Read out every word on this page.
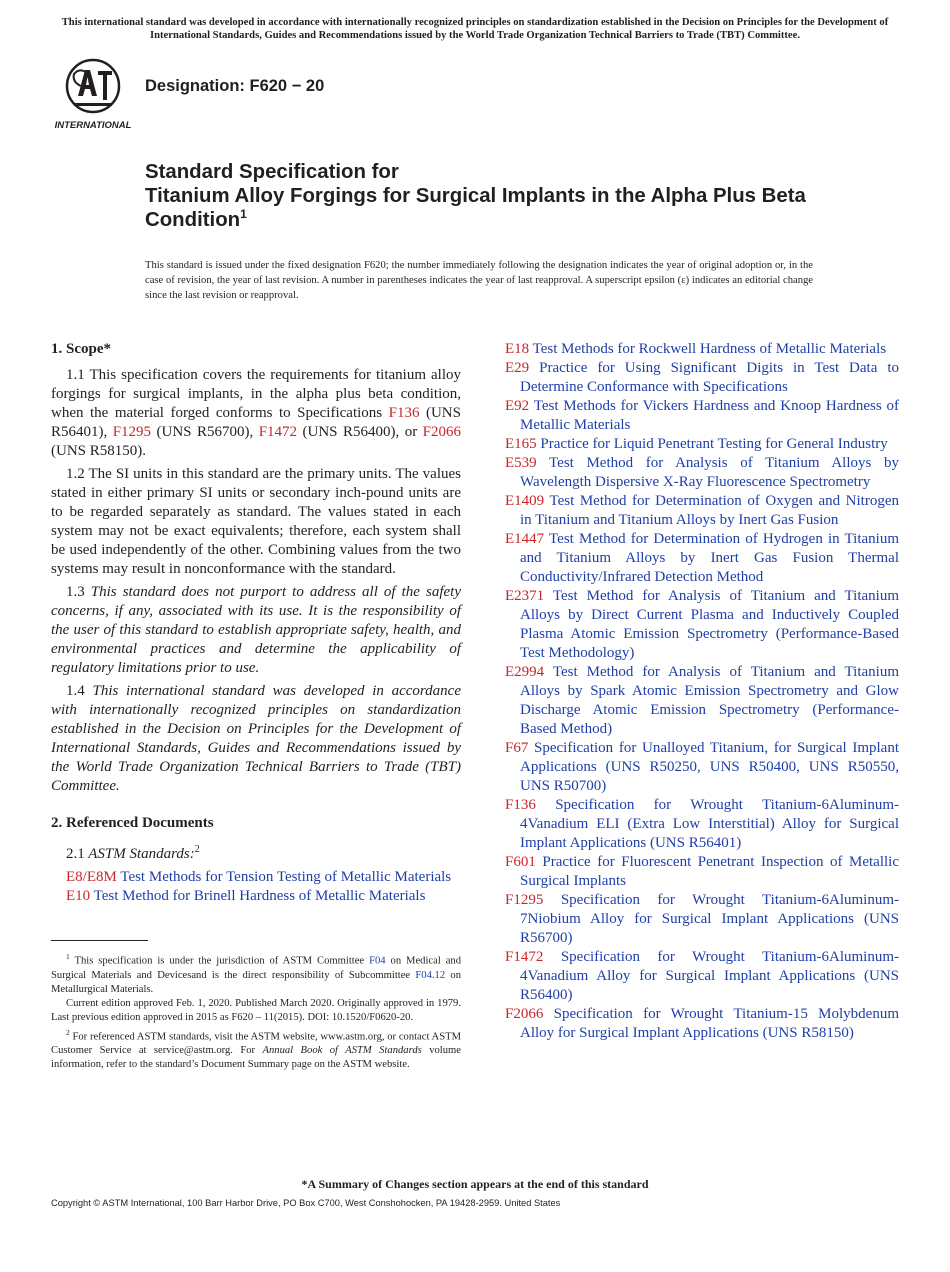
This international standard was developed in accordance with internationally recognized principles on standardization established in the Decision on Principles for the Development of International Standards, Guides and Recommendations issued by the World Trade Organization Technical Barriers to Trade (TBT) Committee.
INTERNATIONAL
Designation: F620 − 20
Standard Specification for
Titanium Alloy Forgings for Surgical Implants in the Alpha Plus Beta Condition$^1$
This standard is issued under the fixed designation F620; the number immediately following the designation indicates the year of original adoption or, in the case of revision, the year of last revision. A number in parentheses indicates the year of last reapproval. A superscript epsilon (ε) indicates an editorial change since the last revision or reapproval.
1. Scope*

1.1 This specification covers the requirements for titanium alloy forgings for surgical implants, in the alpha plus beta condition, when the material forged conforms to Specifications F136 (UNS R56401), F1295 (UNS R56700), F1472 (UNS R56400), or F2066 (UNS R58150).

1.2 The SI units in this standard are the primary units. The values stated in either primary SI units or secondary inch-pound units are to be regarded separately as standard. The values stated in each system may not be exact equivalents; therefore, each system shall be used independently of the other. Combining values from the two systems may result in nonconformance with the standard.

1.3 This standard does not purport to address all of the safety concerns, if any, associated with its use. It is the responsibility of the user of this standard to establish appropriate safety, health, and environmental practices and determine the applicability of regulatory limitations prior to use.

1.4 This international standard was developed in accordance with internationally recognized principles on standardization established in the Decision on Principles for the Development of International Standards, Guides and Recommendations issued by the World Trade Organization Technical Barriers to Trade (TBT) Committee.

2. Referenced Documents

2.1 ASTM Standards:$^2$

E8/E8M Test Methods for Tension Testing of Metallic Materials

E10 Test Method for Brinell Hardness of Metallic Materials

E18 Test Methods for Rockwell Hardness of Metallic Materials

E29 Practice for Using Significant Digits in Test Data to Determine Conformance with Specifications

E92 Test Methods for Vickers Hardness and Knoop Hardness of Metallic Materials

E165 Practice for Liquid Penetrant Testing for General Industry

E539 Test Method for Analysis of Titanium Alloys by Wavelength Dispersive X-Ray Fluorescence Spectrometry

E1409 Test Method for Determination of Oxygen and Nitrogen in Titanium and Titanium Alloys by Inert Gas Fusion

E1447 Test Method for Determination of Hydrogen in Titanium and Titanium Alloys by Inert Gas Fusion Thermal Conductivity/Infrared Detection Method

E2371 Test Method for Analysis of Titanium and Titanium Alloys by Direct Current Plasma and Inductively Coupled Plasma Atomic Emission Spectrometry (Performance-Based Test Methodology)

E2994 Test Method for Analysis of Titanium and Titanium Alloys by Spark Atomic Emission Spectrometry and Glow Discharge Atomic Emission Spectrometry (Performance-Based Method)

F67 Specification for Unalloyed Titanium, for Surgical Implant Applications (UNS R50250, UNS R50400, UNS R50550, UNS R50700)

F136 Specification for Wrought Titanium-6Aluminum-4Vanadium ELI (Extra Low Interstitial) Alloy for Surgical Implant Applications (UNS R56401)

F601 Practice for Fluorescent Penetrant Inspection of Metallic Surgical Implants

F1295 Specification for Wrought Titanium-6Aluminum-7Niobium Alloy for Surgical Implant Applications (UNS R56700)

F1472 Specification for Wrought Titanium-6Aluminum-4Vanadium Alloy for Surgical Implant Applications (UNS R56400)

F2066 Specification for Wrought Titanium-15 Molybdenum Alloy for Surgical Implant Applications (UNS R58150)

$^1$ This specification is under the jurisdiction of ASTM Committee F04 on Medical and Surgical Materials and Devicesand is the direct responsibility of Subcommittee F04.12 on Metallurgical Materials.

Current edition approved Feb. 1, 2020. Published March 2020. Originally approved in 1979. Last previous edition approved in 2015 as F620 – 11(2015). DOI: 10.1520/F0620-20.

$^2$ For referenced ASTM standards, visit the ASTM website, www.astm.org, or contact ASTM Customer Service at service@astm.org. For Annual Book of ASTM Standards volume information, refer to the standard’s Document Summary page on the ASTM website.

*A Summary of Changes section appears at the end of this standard
Copyright © ASTM International, 100 Barr Harbor Drive, PO Box C700, West Conshohocken, PA 19428-2959. United States
